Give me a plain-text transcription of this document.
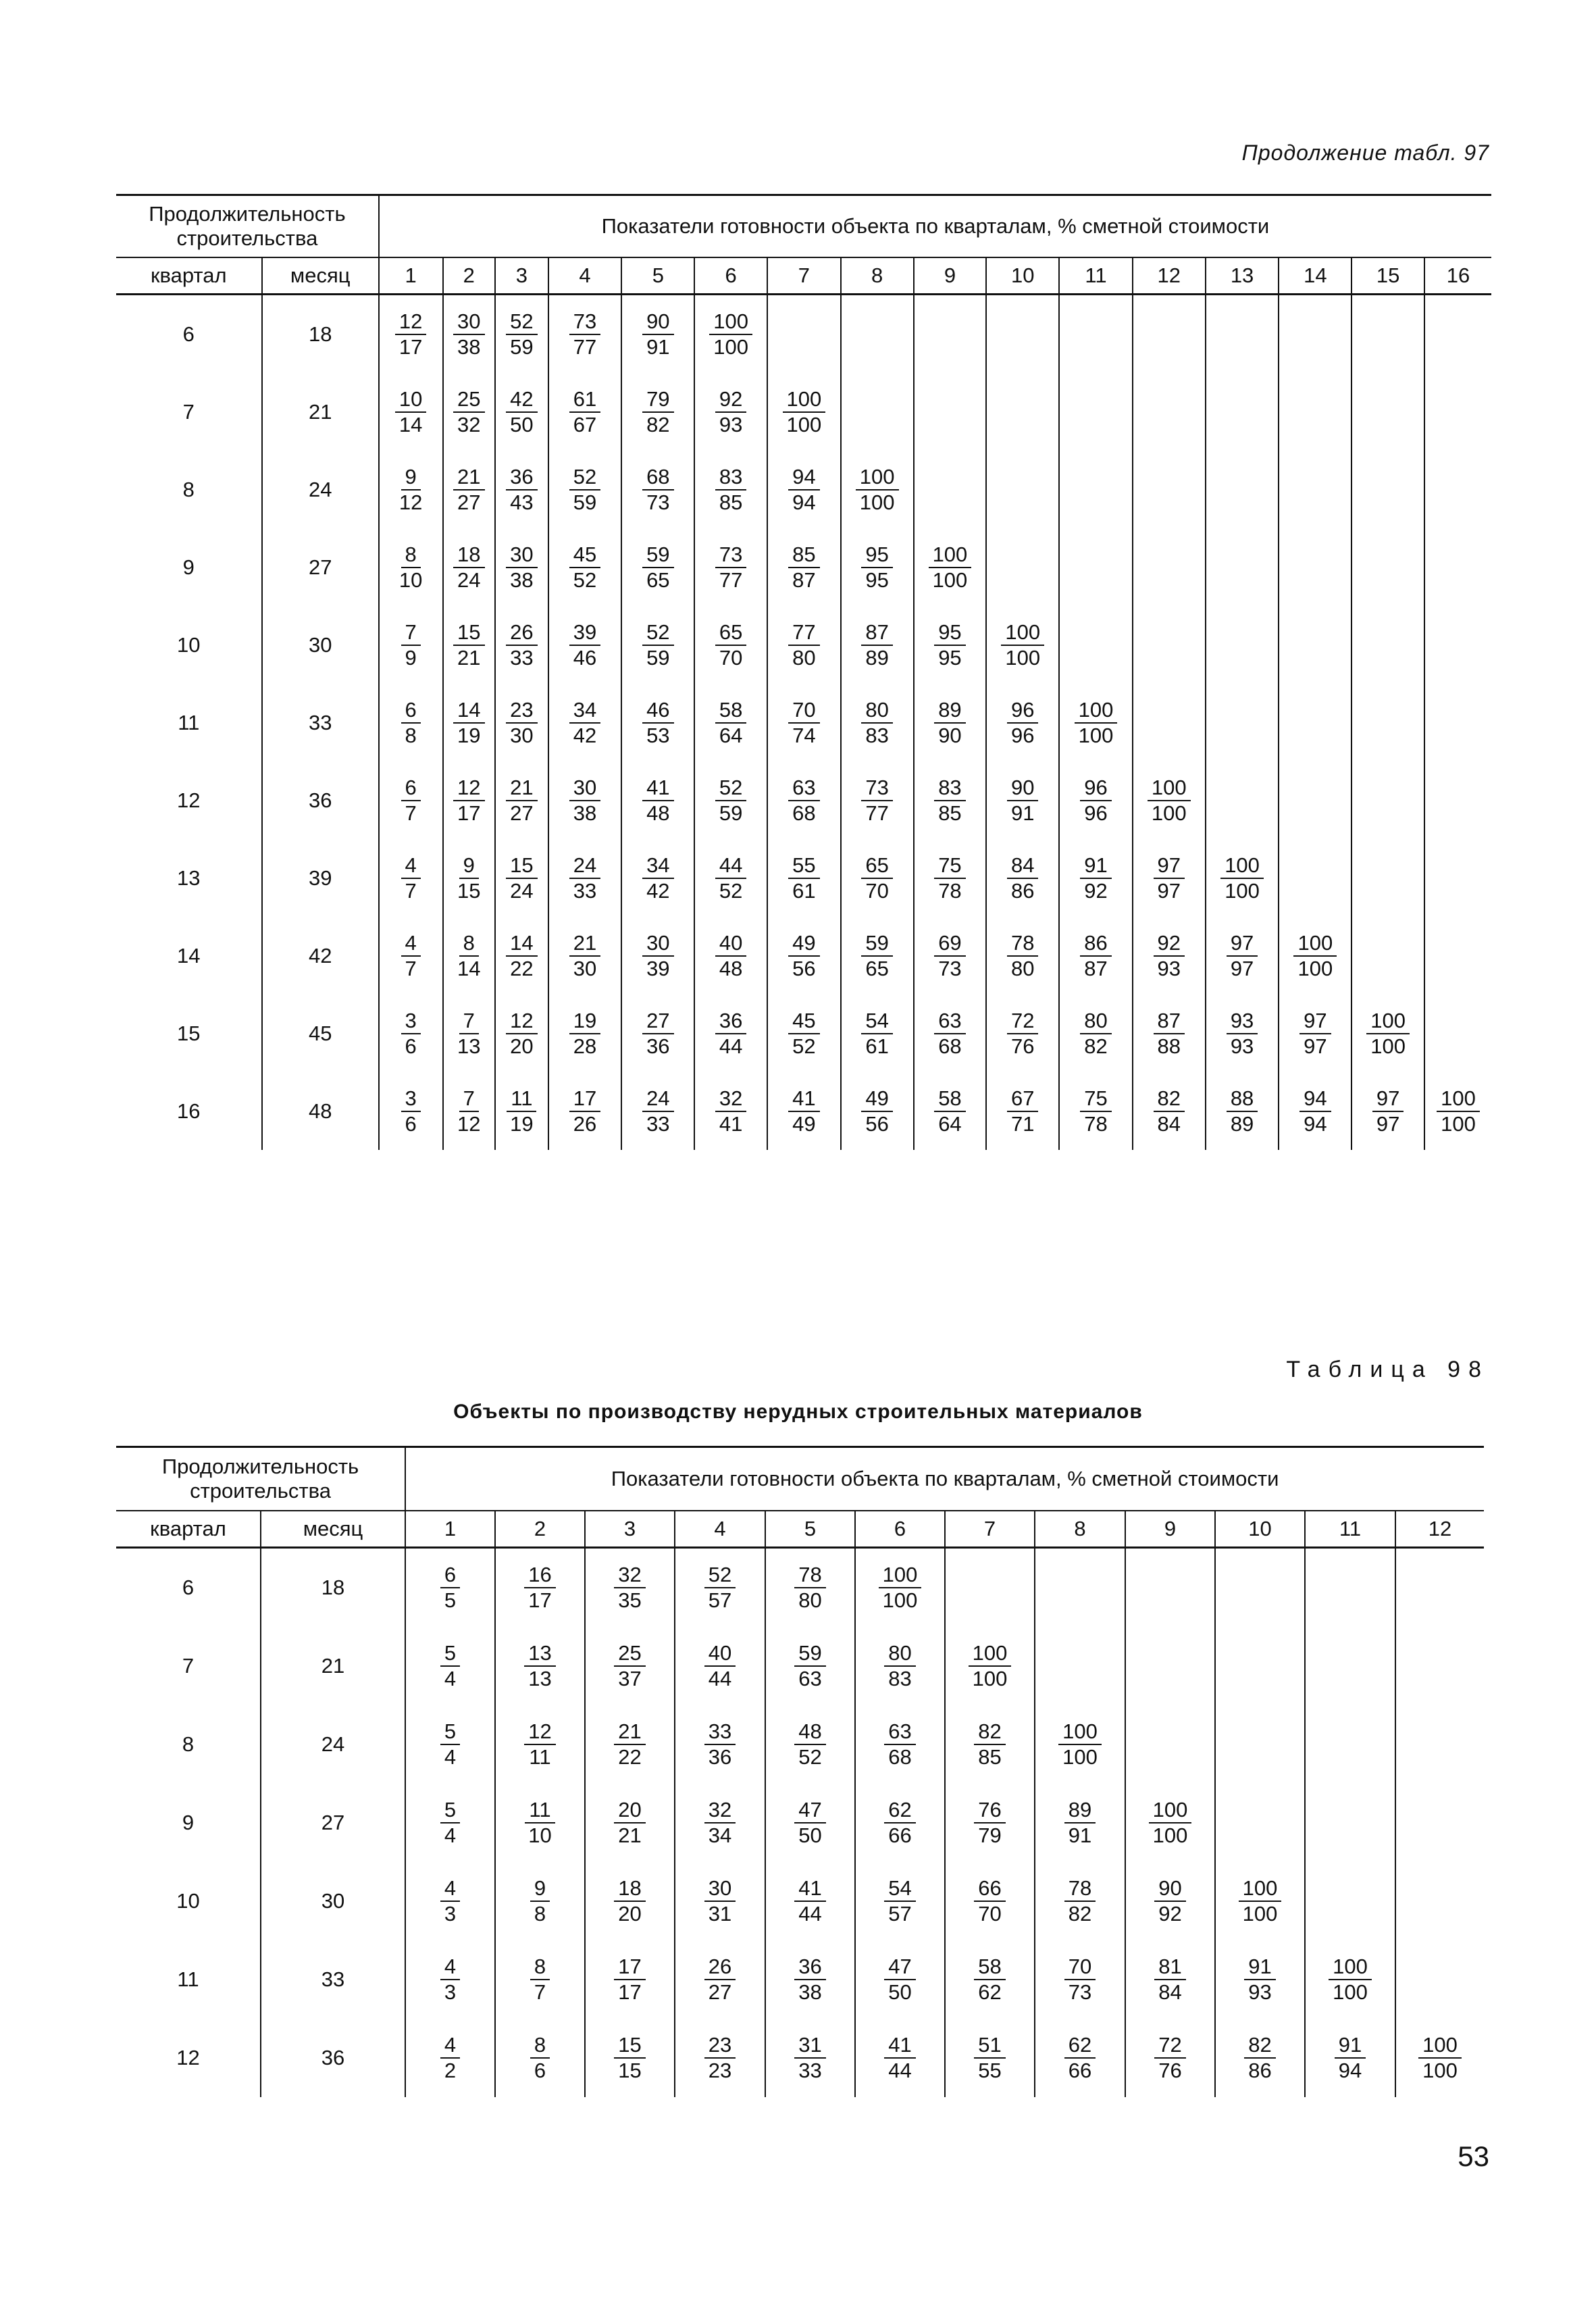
Продолжение табл. 97
Продолжительность строительства		Показатели готовности объекта по кварталам, % сметной стоимости															
квартал	месяц	1	2	3	4	5	6	7	8	9	10	11	12	13	14	15	16
6	18	$\frac{12}{17}$	$\frac{30}{38}$	$\frac{52}{59}$	$\frac{73}{77}$	$\frac{90}{91}$	$\frac{100}{100}$

7	21	$\frac{10}{14}$	$\frac{25}{32}$	$\frac{42}{50}$	$\frac{61}{67}$	$\frac{79}{82}$	$\frac{92}{93}$	$\frac{100}{100}$

8	24	$\frac{9}{12}$	$\frac{21}{27}$	$\frac{36}{43}$	$\frac{52}{59}$	$\frac{68}{73}$	$\frac{83}{85}$	$\frac{94}{94}$	$\frac{100}{100}$

9	27	$\frac{8}{10}$	$\frac{18}{24}$	$\frac{30}{38}$	$\frac{45}{52}$	$\frac{59}{65}$	$\frac{73}{77}$	$\frac{85}{87}$	$\frac{95}{95}$	$\frac{100}{100}$

10	30	$\frac{7}{9}$	$\frac{15}{21}$	$\frac{26}{33}$	$\frac{39}{46}$	$\frac{52}{59}$	$\frac{65}{70}$	$\frac{77}{80}$	$\frac{87}{89}$	$\frac{95}{95}$	$\frac{100}{100}$

11	33	$\frac{6}{8}$	$\frac{14}{19}$	$\frac{23}{30}$	$\frac{34}{42}$	$\frac{46}{53}$	$\frac{58}{64}$	$\frac{70}{74}$	$\frac{80}{83}$	$\frac{89}{90}$	$\frac{96}{96}$	$\frac{100}{100}$

12	36	$\frac{6}{7}$	$\frac{12}{17}$	$\frac{21}{27}$	$\frac{30}{38}$	$\frac{41}{48}$	$\frac{52}{59}$	$\frac{63}{68}$	$\frac{73}{77}$	$\frac{83}{85}$	$\frac{90}{91}$	$\frac{96}{96}$	$\frac{100}{100}$

13	39	$\frac{4}{7}$	$\frac{9}{15}$	$\frac{15}{24}$	$\frac{24}{33}$	$\frac{34}{42}$	$\frac{44}{52}$	$\frac{55}{61}$	$\frac{65}{70}$	$\frac{75}{78}$	$\frac{84}{86}$	$\frac{91}{92}$	$\frac{97}{97}$	$\frac{100}{100}$

14	42	$\frac{4}{7}$	$\frac{8}{14}$	$\frac{14}{22}$	$\frac{21}{30}$	$\frac{30}{39}$	$\frac{40}{48}$	$\frac{49}{56}$	$\frac{59}{65}$	$\frac{69}{73}$	$\frac{78}{80}$	$\frac{86}{87}$	$\frac{92}{93}$	$\frac{97}{97}$	$\frac{100}{100}$

15	45	$\frac{3}{6}$	$\frac{7}{13}$	$\frac{12}{20}$	$\frac{19}{28}$	$\frac{27}{36}$	$\frac{36}{44}$	$\frac{45}{52}$	$\frac{54}{61}$	$\frac{63}{68}$	$\frac{72}{76}$	$\frac{80}{82}$	$\frac{87}{88}$	$\frac{93}{93}$	$\frac{97}{97}$	$\frac{100}{100}$

16	48	$\frac{3}{6}$	$\frac{7}{12}$	$\frac{11}{19}$	$\frac{17}{26}$	$\frac{24}{33}$	$\frac{32}{41}$	$\frac{41}{49}$	$\frac{49}{56}$	$\frac{58}{64}$	$\frac{67}{71}$	$\frac{75}{78}$	$\frac{82}{84}$	$\frac{88}{89}$	$\frac{94}{94}$	$\frac{97}{97}$	$\frac{100}{100}$
Таблица 98
Объекты по производству нерудных строительных материалов
Продолжительность строительства		Показатели готовности объекта по кварталам, % сметной стоимости											
квартал	месяц	1	2	3	4	5	6	7	8	9	10	11	12
6	18	$\frac{6}{5}$	$\frac{16}{17}$	$\frac{32}{35}$	$\frac{52}{57}$	$\frac{78}{80}$	$\frac{100}{100}$

7	21	$\frac{5}{4}$	$\frac{13}{13}$	$\frac{25}{37}$	$\frac{40}{44}$	$\frac{59}{63}$	$\frac{80}{83}$	$\frac{100}{100}$

8	24	$\frac{5}{4}$	$\frac{12}{11}$	$\frac{21}{22}$	$\frac{33}{36}$	$\frac{48}{52}$	$\frac{63}{68}$	$\frac{82}{85}$	$\frac{100}{100}$

9	27	$\frac{5}{4}$	$\frac{11}{10}$	$\frac{20}{21}$	$\frac{32}{34}$	$\frac{47}{50}$	$\frac{62}{66}$	$\frac{76}{79}$	$\frac{89}{91}$	$\frac{100}{100}$

10	30	$\frac{4}{3}$	$\frac{9}{8}$	$\frac{18}{20}$	$\frac{30}{31}$	$\frac{41}{44}$	$\frac{54}{57}$	$\frac{66}{70}$	$\frac{78}{82}$	$\frac{90}{92}$	$\frac{100}{100}$

11	33	$\frac{4}{3}$	$\frac{8}{7}$	$\frac{17}{17}$	$\frac{26}{27}$	$\frac{36}{38}$	$\frac{47}{50}$	$\frac{58}{62}$	$\frac{70}{73}$	$\frac{81}{84}$	$\frac{91}{93}$	$\frac{100}{100}$

12	36	$\frac{4}{2}$	$\frac{8}{6}$	$\frac{15}{15}$	$\frac{23}{23}$	$\frac{31}{33}$	$\frac{41}{44}$	$\frac{51}{55}$	$\frac{62}{66}$	$\frac{72}{76}$	$\frac{82}{86}$	$\frac{91}{94}$	$\frac{100}{100}$
53
